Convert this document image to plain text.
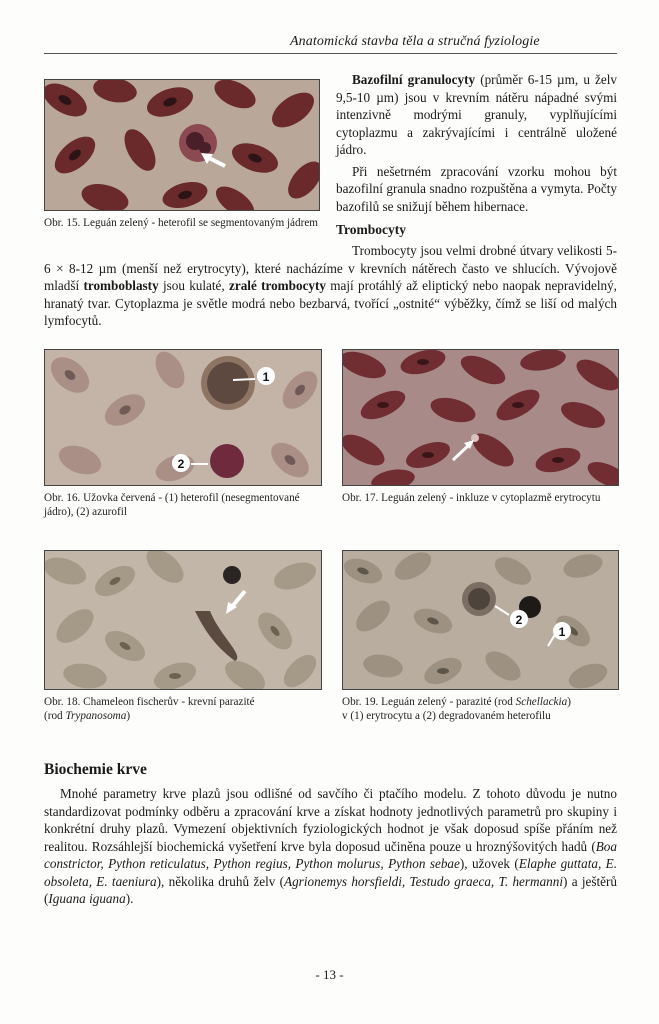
Anatomická stavba těla a stručná fyziologie
Obr. 15. Leguán zelený - heterofil se segmentovaným jádrem

Bazofilní granulocyty (průměr 6-15 µm, u želv 9,5-10 µm) jsou v krevním nátěru nápadné svými intenzivně modrými granuly, vyplňujícími cytoplazmu a zakrývajícími i centrálně uložené jádro.

Při nešetrném zpracování vzorku mohou být bazofilní granula snadno rozpuštěna a vymyta. Počty bazofilů se snižují během hibernace.

Trombocyty
Trombocyty jsou velmi drobné útvary velikosti 5-6 × 8-12 µm (menší než erytrocyty), které nacházíme v krevních nátěrech často ve shlucích. Vývojově mladší tromboblasty jsou kulaté, zralé trombocyty mají protáhlý až eliptický nebo naopak nepravidelný, hranatý tvar. Cytoplazma je světle modrá nebo bezbarvá, tvořící „ostnité“ výběžky, čímž se liší od malých lymfocytů.
1
2
Obr. 16. Užovka červená - (1) heterofil (nesegmentované jádro), (2) azurofil
Obr. 17. Leguán zelený - inkluze v cytoplazmě erytrocytu
Obr. 18. Chameleon fischerův - krevní parazité
(rod Trypanosoma)
2
1
Obr. 19. Leguán zelený - parazité (rod Schellackia)
v (1) erytrocytu a (2) degradovaném heterofilu
Biochemie krve

Mnohé parametry krve plazů jsou odlišné od savčího či ptačího modelu. Z tohoto důvodu je nutno standardizovat podmínky odběru a zpracování krve a získat hodnoty jednotlivých parametrů pro skupiny i konkrétní druhy plazů. Vymezení objektivních fyziologických hodnot je však doposud spíše přáním než realitou. Rozsáhlejší biochemická vyšetření krve byla doposud učiněna pouze u hroznýšovitých hadů (Boa constrictor, Python reticulatus, Python regius, Python molurus, Python sebae), užovek (Elaphe guttata, E. obsoleta, E. taeniura), několika druhů želv (Agrionemys horsfieldi, Testudo graeca, T. hermanni) a ještěrů (Iguana iguana).

- 13 -
